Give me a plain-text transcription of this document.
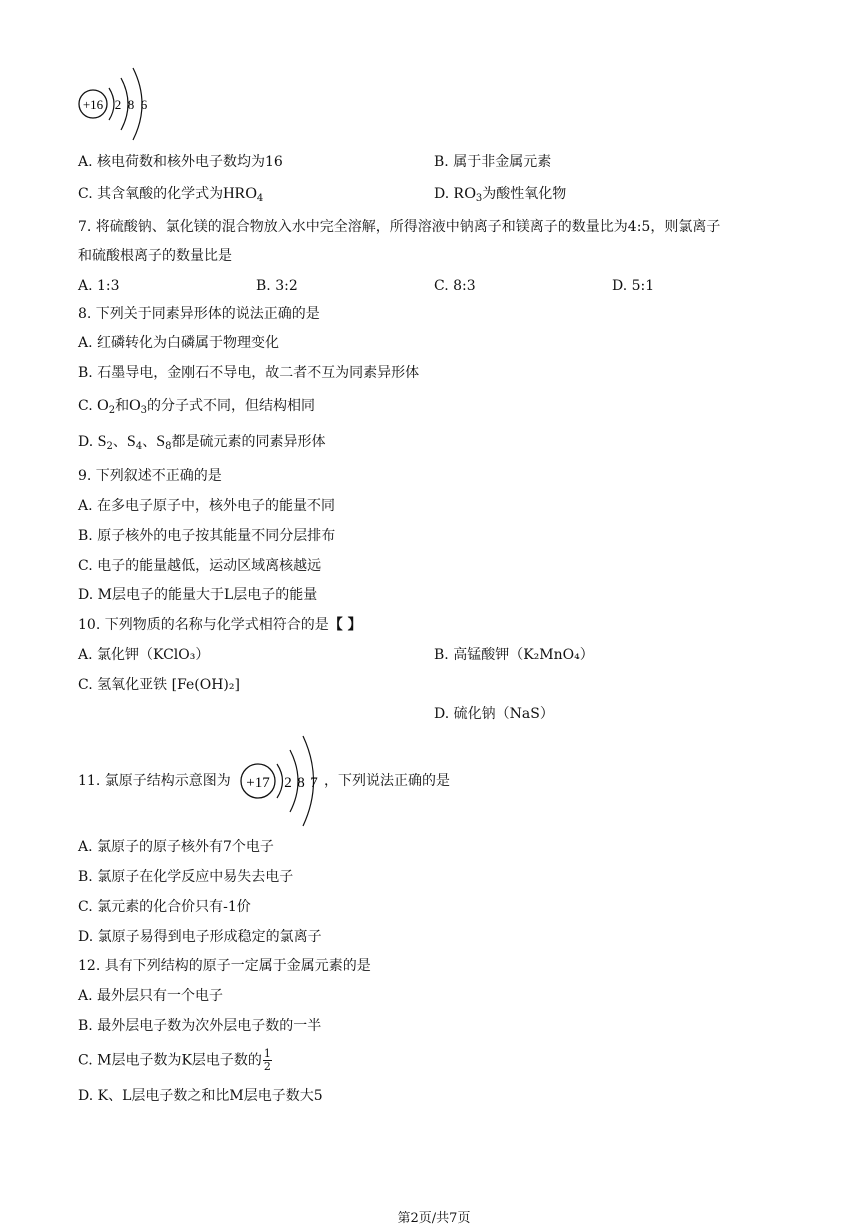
+16 2 8 6
A. 核电荷数和核外电子数均为16	B. 属于非金属元素
C. 其含氧酸的化学式为$HRO_4$	D. $RO_3$为酸性氧化物
7. 将硫酸钠、氯化镁的混合物放入水中完全溶解，所得溶液中钠离子和镁离子的数量比为4:5，则氯离子
和硫酸根离子的数量比是
A. 1:3	B. 3:2	C. 8:3	D. 5:1
8. 下列关于同素异形体的说法正确的是
A. 红磷转化为白磷属于物理变化
B. 石墨导电，金刚石不导电，故二者不互为同素异形体
C. $O_2$和$O_3$的分子式不同，但结构相同
D. $S_2$、$S_4$、$S_8$都是硫元素的同素异形体
9. 下列叙述不正确的是
A. 在多电子原子中，核外电子的能量不同
B. 原子核外的电子按其能量不同分层排布
C. 电子的能量越低，运动区域离核越远
D. M层电子的能量大于L层电子的能量
10. 下列物质的名称与化学式相符合的是【 】
A. 氯化钾（KClO₃）	B. 高锰酸钾（K₂MnO₄）
C. 氢氧化亚铁 [Fe(OH)₂]
D. 硫化钠（NaS）
11. 氯原子结构示意图为 +17 2 8 7 ，下列说法正确的是
A. 氯原子的原子核外有7个电子
B. 氯原子在化学反应中易失去电子
C. 氯元素的化合价只有-1价
D. 氯原子易得到电子形成稳定的氯离子
12. 具有下列结构的原子一定属于金属元素的是
A. 最外层只有一个电子
B. 最外层电子数为次外层电子数的一半
C. M层电子数为K层电子数的 $\frac{1}{2}$
D. K、L层电子数之和比M层电子数大5
第2页/共7页
